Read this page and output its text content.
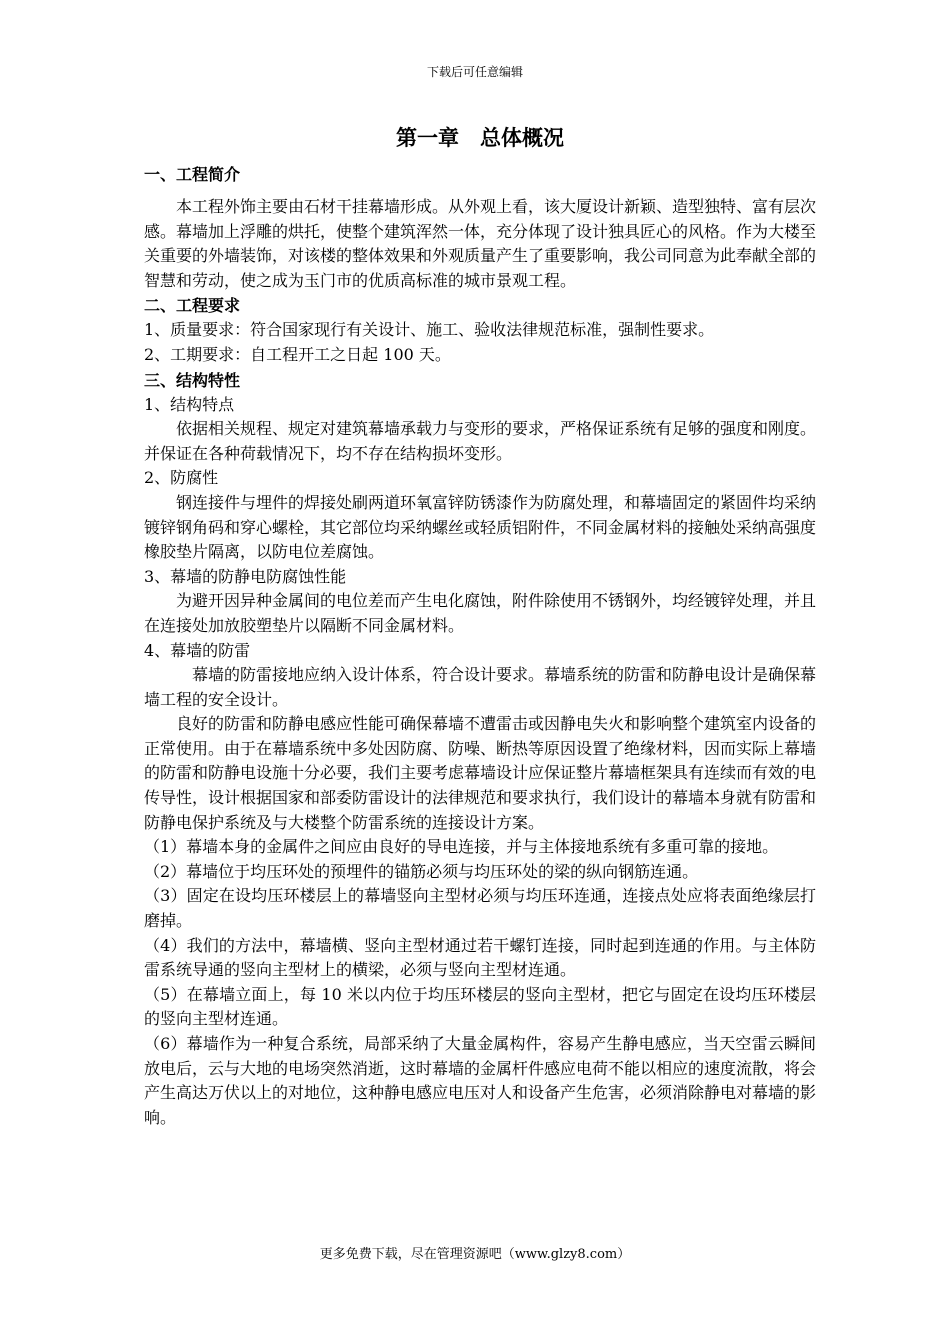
下载后可任意编辑
第一章　总体概况
一、工程简介

本工程外饰主要由石材干挂幕墙形成。从外观上看，该大厦设计新颖、造型独特、富有层次感。幕墙加上浮雕的烘托，使整个建筑浑然一体，充分体现了设计独具匠心的风格。作为大楼至关重要的外墙装饰，对该楼的整体效果和外观质量产生了重要影响，我公司同意为此奉献全部的智慧和劳动，使之成为玉门市的优质高标准的城市景观工程。

二、工程要求

1、质量要求：符合国家现行有关设计、施工、验收法律规范标准，强制性要求。

2、工期要求：自工程开工之日起 100 天。

三、结构特性

1、结构特点

依据相关规程、规定对建筑幕墙承载力与变形的要求，严格保证系统有足够的强度和刚度。并保证在各种荷载情况下，均不存在结构损坏变形。

2、防腐性

钢连接件与埋件的焊接处刷两道环氧富锌防锈漆作为防腐处理，和幕墙固定的紧固件均采纳镀锌钢角码和穿心螺栓，其它部位均采纳螺丝或轻质铝附件，不同金属材料的接触处采纳高强度橡胶垫片隔离，以防电位差腐蚀。

3、幕墙的防静电防腐蚀性能

为避开因异种金属间的电位差而产生电化腐蚀，附件除使用不锈钢外，均经镀锌处理，并且在连接处加放胶塑垫片以隔断不同金属材料。

4、幕墙的防雷

幕墙的防雷接地应纳入设计体系，符合设计要求。幕墙系统的防雷和防静电设计是确保幕墙工程的安全设计。

良好的防雷和防静电感应性能可确保幕墙不遭雷击或因静电失火和影响整个建筑室内设备的正常使用。由于在幕墙系统中多处因防腐、防噪、断热等原因设置了绝缘材料，因而实际上幕墙的防雷和防静电设施十分必要，我们主要考虑幕墙设计应保证整片幕墙框架具有连续而有效的电传导性，设计根据国家和部委防雷设计的法律规范和要求执行，我们设计的幕墙本身就有防雷和防静电保护系统及与大楼整个防雷系统的连接设计方案。

（1）幕墙本身的金属件之间应由良好的导电连接，并与主体接地系统有多重可靠的接地。

（2）幕墙位于均压环处的预埋件的锚筋必须与均压环处的梁的纵向钢筋连通。

（3）固定在设均压环楼层上的幕墙竖向主型材必须与均压环连通，连接点处应将表面绝缘层打磨掉。

（4）我们的方法中，幕墙横、竖向主型材通过若干螺钉连接，同时起到连通的作用。与主体防雷系统导通的竖向主型材上的横梁，必须与竖向主型材连通。

（5）在幕墙立面上，每 10 米以内位于均压环楼层的竖向主型材，把它与固定在设均压环楼层的竖向主型材连通。

（6）幕墙作为一种复合系统，局部采纳了大量金属构件，容易产生静电感应，当天空雷云瞬间放电后，云与大地的电场突然消逝，这时幕墙的金属杆件感应电荷不能以相应的速度流散，将会产生高达万伏以上的对地位，这种静电感应电压对人和设备产生危害，必须消除静电对幕墙的影响。

更多免费下载，尽在管理资源吧（www.glzy8.com）
